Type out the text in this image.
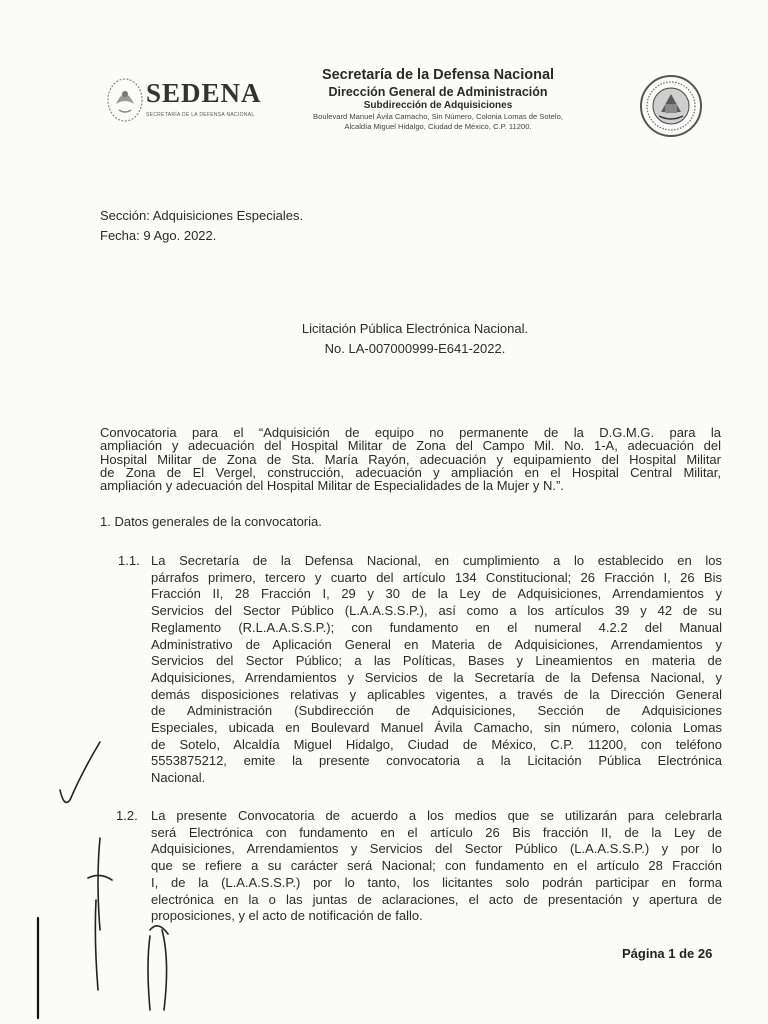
SEDENA
SECRETARÍA DE LA DEFENSA NACIONAL
Secretaría de la Defensa Nacional
Dirección General de Administración
Subdirección de Adquisiciones
Boulevard Manuel Ávila Camacho, Sin Número, Colonia Lomas de Sotelo,
Alcaldía Miguel Hidalgo, Ciudad de México, C.P. 11200.
Sección: Adquisiciones Especiales.
Fecha: 9 Ago. 2022.
Licitación Pública Electrónica Nacional.
No. LA-007000999-E641-2022.
Convocatoria para el “Adquisición de equipo no permanente de la D.G.M.G. para la
ampliación y adecuación del Hospital Militar de Zona del Campo Mil. No. 1-A, adecuación del
Hospital Militar de Zona de Sta. María Rayón, adecuación y equipamiento del Hospital Militar
de Zona de El Vergel, construcción, adecuación y ampliación en el Hospital Central Militar,
ampliación y adecuación del Hospital Militar de Especialidades de la Mujer y N.”.
1. Datos generales de la convocatoria.
1.1. La Secretaría de la Defensa Nacional, en cumplimiento a lo establecido en los
párrafos primero, tercero y cuarto del artículo 134 Constitucional; 26 Fracción I, 26 Bis
Fracción II, 28 Fracción I, 29 y 30 de la Ley de Adquisiciones, Arrendamientos y
Servicios del Sector Público (L.A.A.S.S.P.), así como a los artículos 39 y 42 de su
Reglamento (R.L.A.A.S.S.P.); con fundamento en el numeral 4.2.2 del Manual
Administrativo de Aplicación General en Materia de Adquisiciones, Arrendamientos y
Servicios del Sector Público; a las Políticas, Bases y Lineamientos en materia de
Adquisiciones, Arrendamientos y Servicios de la Secretaría de la Defensa Nacional, y
demás disposiciones relativas y aplicables vigentes, a través de la Dirección General
de Administración (Subdirección de Adquisiciones, Sección de Adquisiciones
Especiales, ubicada en Boulevard Manuel Ávila Camacho, sin número, colonia Lomas
de Sotelo, Alcaldía Miguel Hidalgo, Ciudad de México, C.P. 11200, con teléfono
5553875212, emite la presente convocatoria a la Licitación Pública Electrónica
Nacional.
1.2. La presente Convocatoria de acuerdo a los medios que se utilizarán para celebrarla
será Electrónica con fundamento en el artículo 26 Bis fracción II, de la Ley de
Adquisiciones, Arrendamientos y Servicios del Sector Público (L.A.A.S.S.P.) y por lo
que se refiere a su carácter será Nacional; con fundamento en el artículo 28 Fracción
I, de la (L.A.A.S.S.P.) por lo tanto, los licitantes solo podrán participar en forma
electrónica en la o las juntas de aclaraciones, el acto de presentación y apertura de
proposiciones, y el acto de notificación de fallo.
Página 1 de 26
